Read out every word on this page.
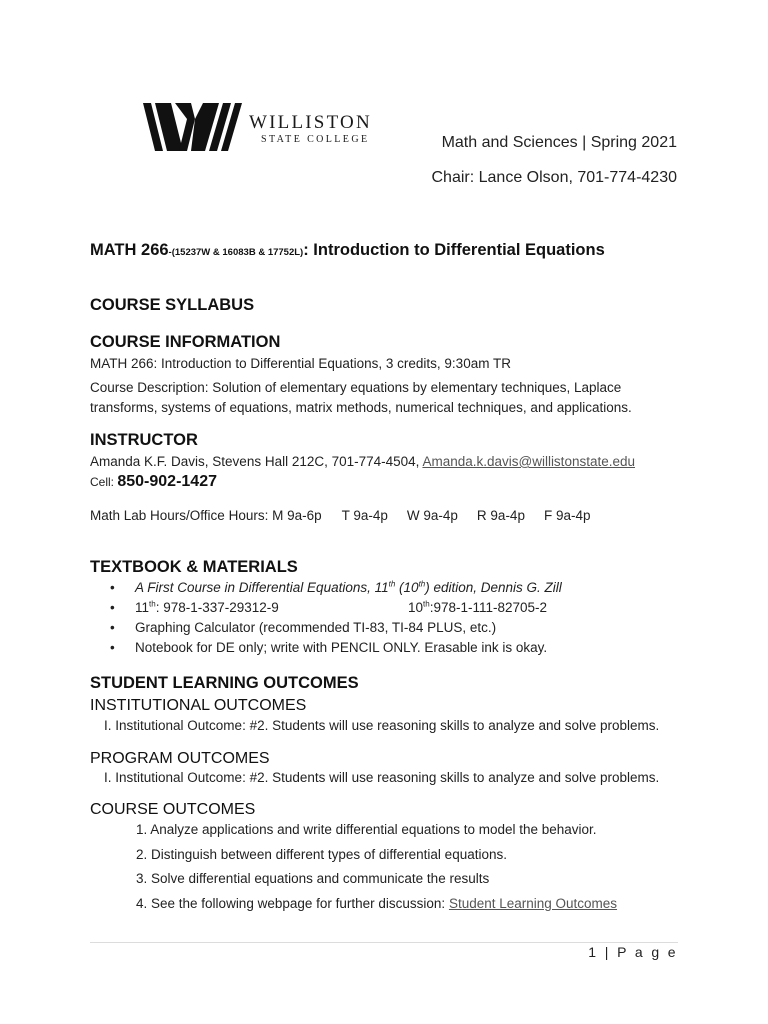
WILLISTON
STATE COLLEGE	Math and Sciences | Spring 2021
Chair: Lance Olson, 701-774-4230
MATH 266-(15237W & 16083B & 17752L): Introduction to Differential Equations
COURSE SYLLABUS
COURSE INFORMATION
MATH 266: Introduction to Differential Equations, 3 credits, 9:30am TR
Course Description: Solution of elementary equations by elementary techniques, Laplace
transforms, systems of equations, matrix methods, numerical techniques, and applications.
INSTRUCTOR
Amanda K.F. Davis, Stevens Hall 212C, 701-774-4504, Amanda.k.davis@willistonstate.edu
Cell: 850-902-1427
Math Lab Hours/Office Hours: M 9a-6p T 9a-4p W 9a-4p R 9a-4p F 9a-4p
TEXTBOOK & MATERIALS
• A First Course in Differential Equations, 11th (10th) edition, Dennis G. Zill
• 11th: 978-1-337-29312-9	10th:978-1-111-82705-2
• Graphing Calculator (recommended TI-83, TI-84 PLUS, etc.)
• Notebook for DE only; write with PENCIL ONLY. Erasable ink is okay.
STUDENT LEARNING OUTCOMES
INSTITUTIONAL OUTCOMES
I. Institutional Outcome: #2. Students will use reasoning skills to analyze and solve problems.
PROGRAM OUTCOMES
I. Institutional Outcome: #2. Students will use reasoning skills to analyze and solve problems.
COURSE OUTCOMES
1. Analyze applications and write differential equations to model the behavior.
2. Distinguish between different types of differential equations.
3. Solve differential equations and communicate the results
4. See the following webpage for further discussion: Student Learning Outcomes
1 | P a g e
